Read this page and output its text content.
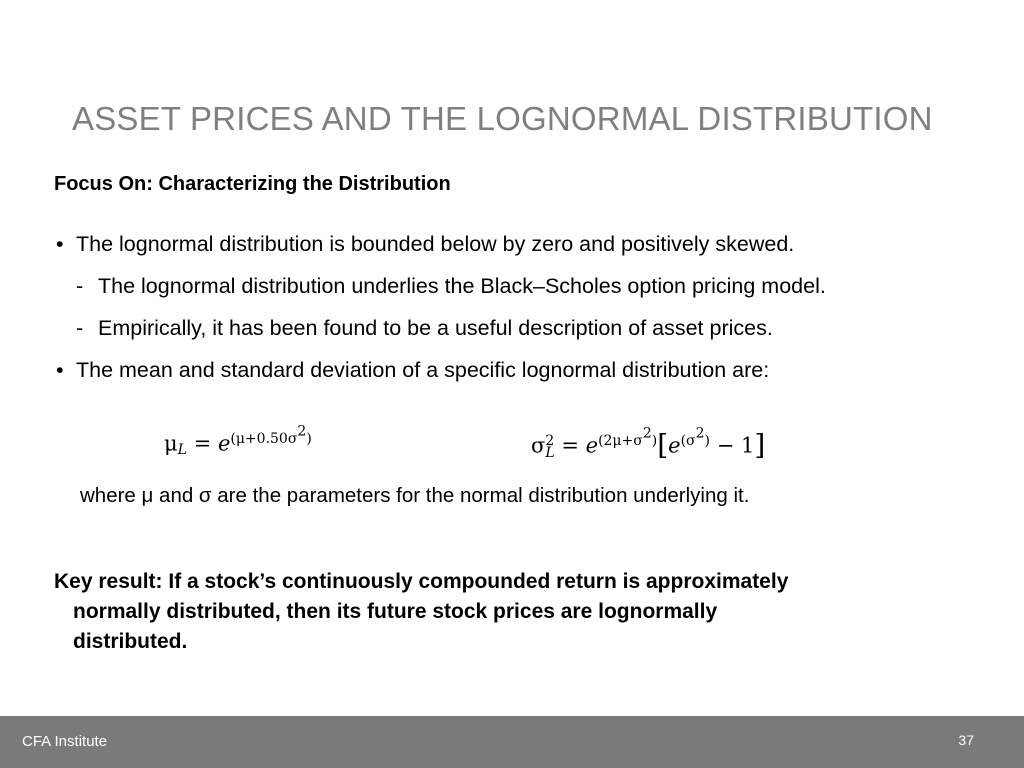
ASSET PRICES AND THE LOGNORMAL DISTRIBUTION
Focus On: Characterizing the Distribution
• The lognormal distribution is bounded below by zero and positively skewed.
- The lognormal distribution underlies the Black–Scholes option pricing model.
- Empirically, it has been found to be a useful description of asset prices.
• The mean and standard deviation of a specific lognormal distribution are:
$\mu_L = e^{(\mu+0.50\sigma^2)}$	σ 2
$L = e^{(2\mu+\sigma^2)}[e^{(\sigma^2)} - 1]$
where μ and σ are the parameters for the normal distribution underlying it.
Key result: If a stock’s continuously compounded return is approximately
normally distributed, then its future stock prices are lognormally
distributed.
CFA Institute	37
